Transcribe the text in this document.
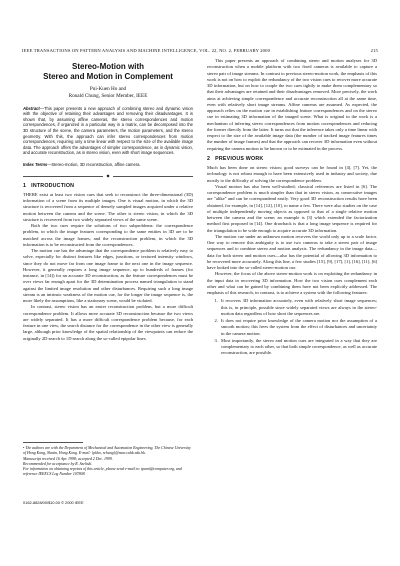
IEEE TRANSACTIONS ON PATTERN ANALYSIS AND MACHINE INTELLIGENCE, VOL. 22, NO. 2, FEBRUARY 2000	215
Stereo-Motion with
Stereo and Motion in Complement
Pui-Kuen Ho and
Ronald Chung, Senior Member, IEEE
Abstract—This paper presents a new approach of combining stereo and dynamic vision with the objective of retaining their advantages and removing their disadvantages. It is shown that, by assuming affine cameras, the stereo correspondences and motion correspondences, if organized in a particular way in a matrix, can be decomposed into the 3D structure of the scene, the camera parameters, the motion parameters, and the stereo geometry. With this, the approach can infer stereo correspondences from motion correspondences, requiring only a time linear with respect to the size of the available image data. The approach offers the advantages of simpler correspondence, as in dynamic vision, and accurate reconstruction, as in stereo vision, even with short image sequences.
Index Terms—Stereo-motion, 3D reconstruction, affine camera.
◆
1 INTRODUCTION

THERE exist at least two vision cues that seek to reconstruct the three-dimensional (3D) information of a scene from its multiple images. One is visual motion, in which the 3D structure is recovered from a sequence of densely sampled images acquired under a relative motion between the camera and the scene. The other is stereo vision, in which the 3D structure is recovered from two widely separated views of the same scene.

Both the two cues require the solutions of two subproblems: the correspondence problem, in which the image features corresponding to the same entities in 3D are to be matched across the image frames, and the reconstruction problem, in which the 3D information is to be reconstructed from the correspondences.

The motion cue has the advantage that the correspondence problem is relatively easy to solve, especially for distinct features like edges, junctions, or textured intensity windows, since they do not move far from one image frame to the next one in the image sequence. However, it generally requires a long image sequence, up to hundreds of frames (for instance, in [14]) for an accurate 3D reconstruction, as the feature correspondences must be over views far enough apart for the 3D determination process named triangulation to stand against the limited image resolution and other disturbances. Requiring such a long image stream is an intrinsic weakness of the motion cue, for the longer the image sequence is, the more likely the assumptions, like a stationary scene, would be violated.

In contrast, stereo vision has an easier reconstruction problem, but a more difficult correspondence problem. It allows more accurate 3D reconstruction because the two views are widely separated. It has a more difficult correspondence problem because, for each feature in one view, the search distance for the correspondence in the other view is generally large, although prior knowledge of the spatial relationship of the viewpoints can reduce the originally 2D search to 1D search along the so-called epipolar lines.

• The authors are with the Department of Mechanical and Automation Engineering, The Chinese University of Hong Kong, Shatin, Hong Kong. E-mail: {pkho, rchung}@mae.cuhk.edu.hk.

Manuscript received 16 Apr. 1998; accepted 2 Dec. 1999.

Recommended for acceptance by R. Szeliski.

For information on obtaining reprints of this article, please send e-mail to: tpami@computer.org, and reference IEEECS Log Number 107808.

0162-8828/00/$10.00 © 2000 IEEE

This paper presents an approach of combining stereo and motion analyses for 3D reconstruction when a mobile platform with two fixed cameras is available to capture a stereo pair of image streams. In contrast to previous stereo-motion work, the emphasis of this work is not on how to exploit the redundancy of the two vision cues to recover more accurate 3D information, but on how to couple the two cues tightly to make them complementary so that their advantages are retained and their disadvantages removed. More precisely, the work aims at achieving simple correspondence and accurate reconstruction all at the same time, even with relatively short image streams. Affine cameras are assumed. As expected, the approach relies on the motion cue in establishing feature correspondences and on the stereo cue in estimating 3D information of the imaged scene. What is original in the work is a mechanism of inferring stereo correspondences from motion correspondences and reducing the former directly from the latter. It turns out that the inference takes only a time linear with respect to the size of the available image data (the number of tracked image features times the number of image frames) and that the approach can recover 3D information even without requiring the camera motion to be known or to be estimated in the process.

2 PREVIOUS WORK

Much has been done on stereo vision; good surveys can be found in [4], [7]. Yet, the technology is not robust enough to have been extensively used in industry and society, due mostly to the difficulty of solving the correspondence problem.

Visual motion has also been well-studied; classical references are listed in [6]. The correspondence problem is much simpler than that in stereo vision, as consecutive images are "alike" and can be correspondend easily. Very good 3D reconstruction results have been obtained, for example, in [14], [12], [10], to name a few. There were also studies on the case of multiple independently moving objects as opposed to that of a single relative motion between the camera and the scene; an example is [3] which extended the factorization method first proposed in [14]. One drawback is that a long image sequence is required for the triangulation to be wide enough to acquire accurate 3D information.

The motion cue under an unknown motion recovers the world only up to a scale factor. One way to remove this ambiguity is to use two cameras to take a stereo pair of image sequences and to combine stereo and motion analysis. The redundancy in the image data—data for both stereo and motion cues—also has the potential of allowing 3D information to be recovered more accurately. Along this line, a few studies [15], [9], [17], [1], [16], [11], [6] have looked into the so-called stereo-motion cue.

However, the focus of the above stereo-motion work is on exploiting the redundancy in the input data in recovering 3D information. How the two vision cues complement each other and what can be gained by combining them have not been explicitly addressed. The emphasis of this research, in contrast, is to achieve a system with the following features:

1. It recovers 3D information accurately, even with relatively short image sequences; this is, in principle, possible since widely separated views are always in the stereo-motion data regardless of how short the sequences are.
2. It does not require prior knowledge of the camera motion nor the assumption of a smooth motion; this frees the system from the effect of disturbances and uncertainty in the camera motion.
3. Most importantly, the stereo and motion cues are integrated in a way that they are complementary to each other, so that both simple correspondence, as well as accurate reconstruction, are possible.
